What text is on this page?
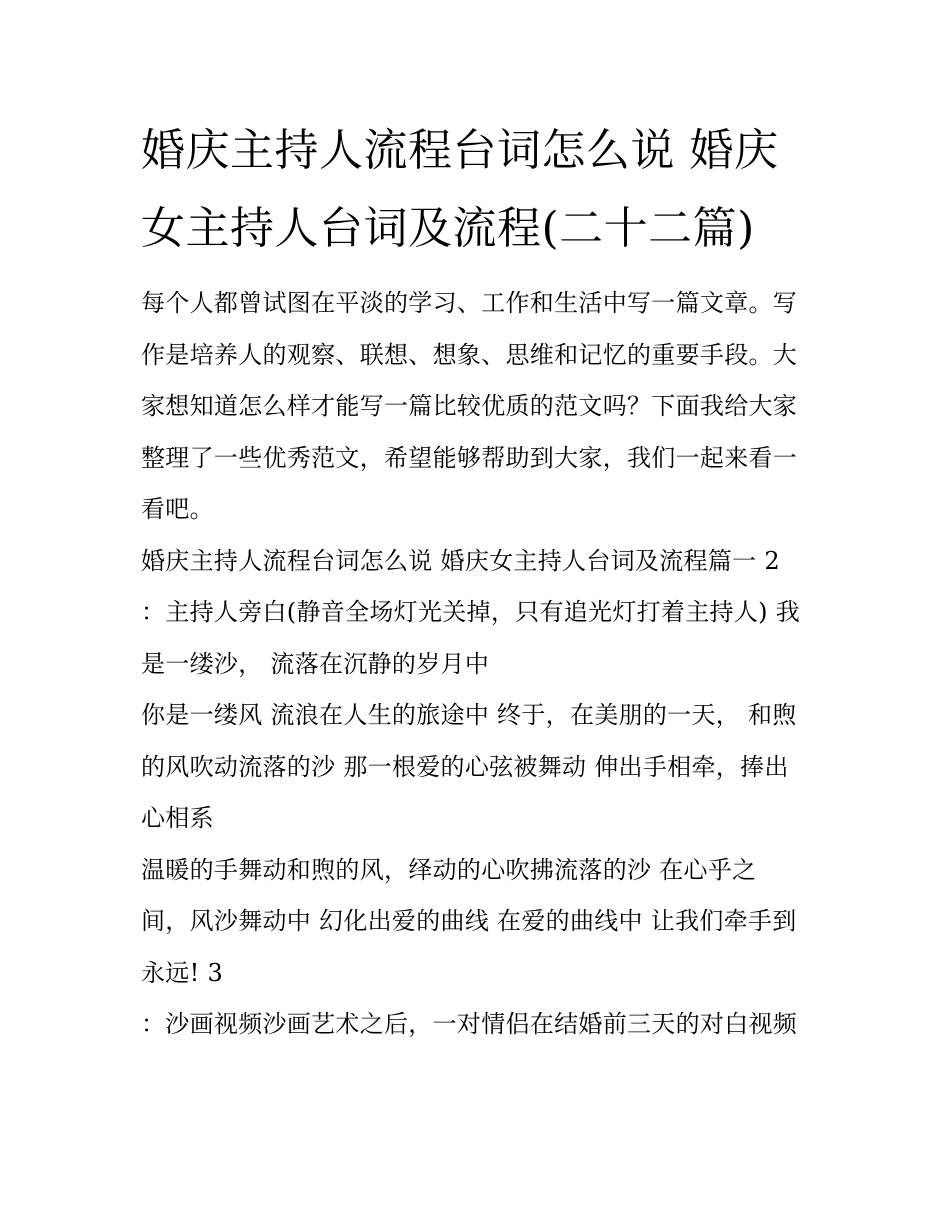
婚庆主持人流程台词怎么说 婚庆女主持人台词及流程(二十二篇)

每个人都曾试图在平淡的学习、工作和生活中写一篇文章。写

作是培养人的观察、联想、想象、思维和记忆的重要手段。大

家想知道怎么样才能写一篇比较优质的范文吗？下面我给大家

整理了一些优秀范文，希望能够帮助到大家，我们一起来看一

看吧。

婚庆主持人流程台词怎么说 婚庆女主持人台词及流程篇一 2

：主持人旁白(静音全场灯光关掉，只有追光灯打着主持人) 我

是一缕沙， 流落在沉静的岁月中

你是一缕风 流浪在人生的旅途中 终于，在美朋的一天， 和煦

的风吹动流落的沙 那一根爱的心弦被舞动 伸出手相牵，捧出

心相系

温暖的手舞动和煦的风，绎动的心吹拂流落的沙 在心乎之

间，风沙舞动中 幻化出爱的曲线 在爱的曲线中 让我们牵手到

永远! 3

：沙画视频沙画艺术之后，一对情侣在结婚前三天的对白视频
